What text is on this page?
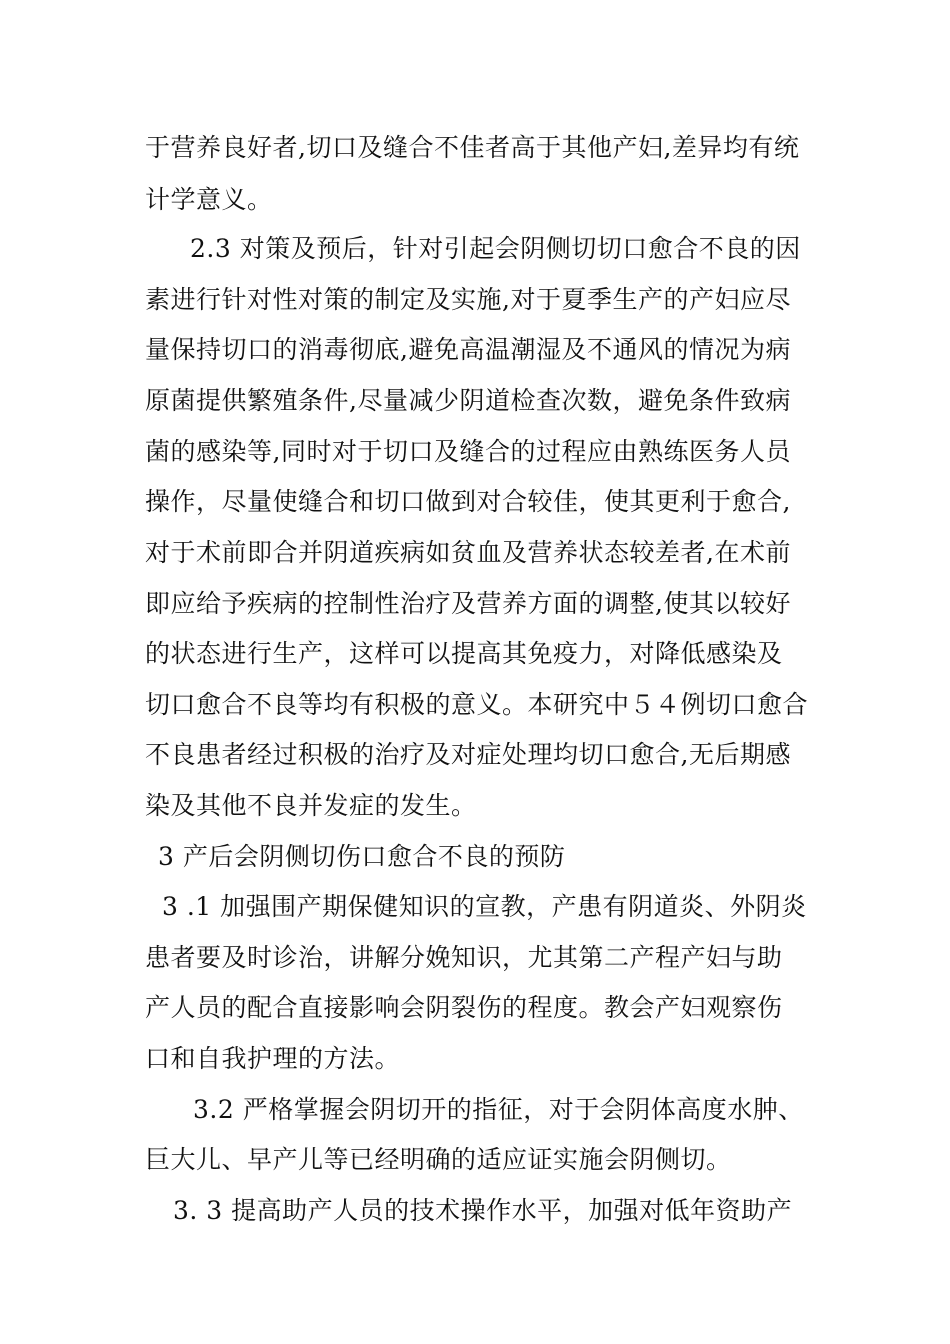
于营养良好者,切口及缝合不佳者高于其他产妇,差异均有统
计学意义。
2.3 对策及预后，针对引起会阴侧切切口愈合不良的因
素进行针对性对策的制定及实施,对于夏季生产的产妇应尽
量保持切口的消毒彻底,避免高温潮湿及不通风的情况为病
原菌提供繁殖条件,尽量减少阴道检查次数，避免条件致病
菌的感染等,同时对于切口及缝合的过程应由熟练医务人员
操作，尽量使缝合和切口做到对合较佳，使其更利于愈合,
对于术前即合并阴道疾病如贫血及营养状态较差者,在术前
即应给予疾病的控制性治疗及营养方面的调整,使其以较好
的状态进行生产，这样可以提高其免疫力，对降低感染及
切口愈合不良等均有积极的意义。本研究中５４例切口愈合
不良患者经过积极的治疗及对症处理均切口愈合,无后期感
染及其他不良并发症的发生。
3 产后会阴侧切伤口愈合不良的预防
3 .1 加强围产期保健知识的宣教，产患有阴道炎、外阴炎
患者要及时诊治，讲解分娩知识，尤其第二产程产妇与助
产人员的配合直接影响会阴裂伤的程度。教会产妇观察伤
口和自我护理的方法。
3.2 严格掌握会阴切开的指征，对于会阴体高度水肿、
巨大儿、早产儿等已经明确的适应证实施会阴侧切。
3. 3 提高助产人员的技术操作水平，加强对低年资助产
